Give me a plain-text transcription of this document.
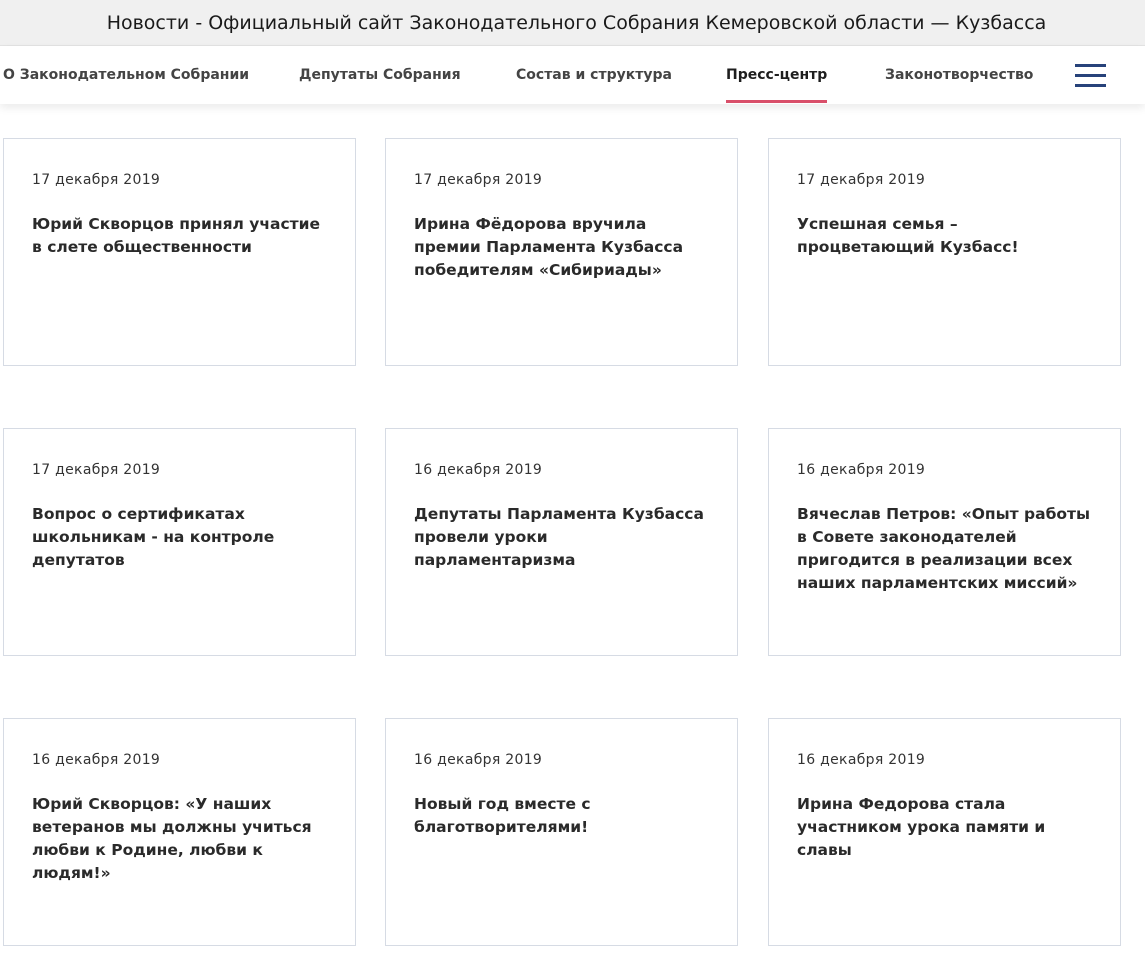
Новости - Официальный сайт Законодательного Собрания Кемеровской области — Кузбасса
О Законодательном Собрании	Депутаты Собрания	Состав и структура	Пресс-центр	Законотворчество
17 декабря 2019
Юрий Скворцов принял участие в слете общественности
17 декабря 2019
Ирина Фёдорова вручила премии Парламента Кузбасса победителям «Сибириады»
17 декабря 2019
Успешная семья – процветающий Кузбасс!
17 декабря 2019
Вопрос о сертификатах школьникам - на контроле депутатов
16 декабря 2019
Депутаты Парламента Кузбасса провели уроки парламентаризма
16 декабря 2019
Вячеслав Петров: «Опыт работы в Совете законодателей пригодится в реализации всех наших парламентских миссий»
16 декабря 2019
Юрий Скворцов: «У наших ветеранов мы должны учиться любви к Родине, любви к людям!»
16 декабря 2019
Новый год вместе с благотворителями!
16 декабря 2019
Ирина Федорова стала участником урока памяти и славы
